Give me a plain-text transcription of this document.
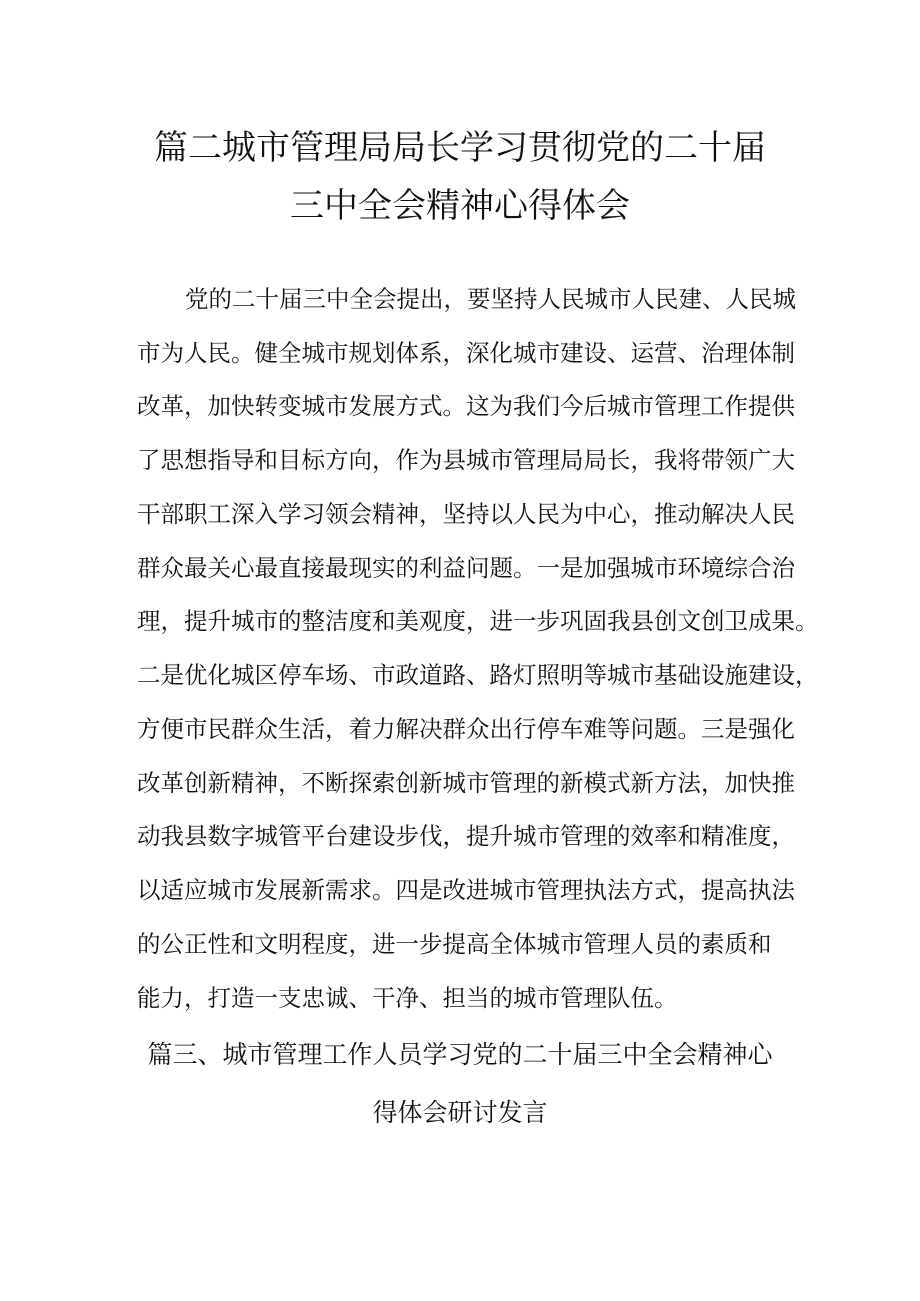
篇二城市管理局局长学习贯彻党的二十届
三中全会精神心得体会
党的二十届三中全会提出，要坚持人民城市人民建、人民城
市为人民。健全城市规划体系，深化城市建设、运营、治理体制
改革，加快转变城市发展方式。这为我们今后城市管理工作提供
了思想指导和目标方向，作为县城市管理局局长，我将带领广大
干部职工深入学习领会精神，坚持以人民为中心，推动解决人民
群众最关心最直接最现实的利益问题。一是加强城市环境综合治
理，提升城市的整洁度和美观度，进一步巩固我县创文创卫成果。
二是优化城区停车场、市政道路、路灯照明等城市基础设施建设，
方便市民群众生活，着力解决群众出行停车难等问题。三是强化
改革创新精神，不断探索创新城市管理的新模式新方法，加快推
动我县数字城管平台建设步伐，提升城市管理的效率和精准度，
以适应城市发展新需求。四是改进城市管理执法方式，提高执法
的公正性和文明程度，进一步提高全体城市管理人员的素质和
能力，打造一支忠诚、干净、担当的城市管理队伍。
篇三、城市管理工作人员学习党的二十届三中全会精神心
得体会研讨发言
